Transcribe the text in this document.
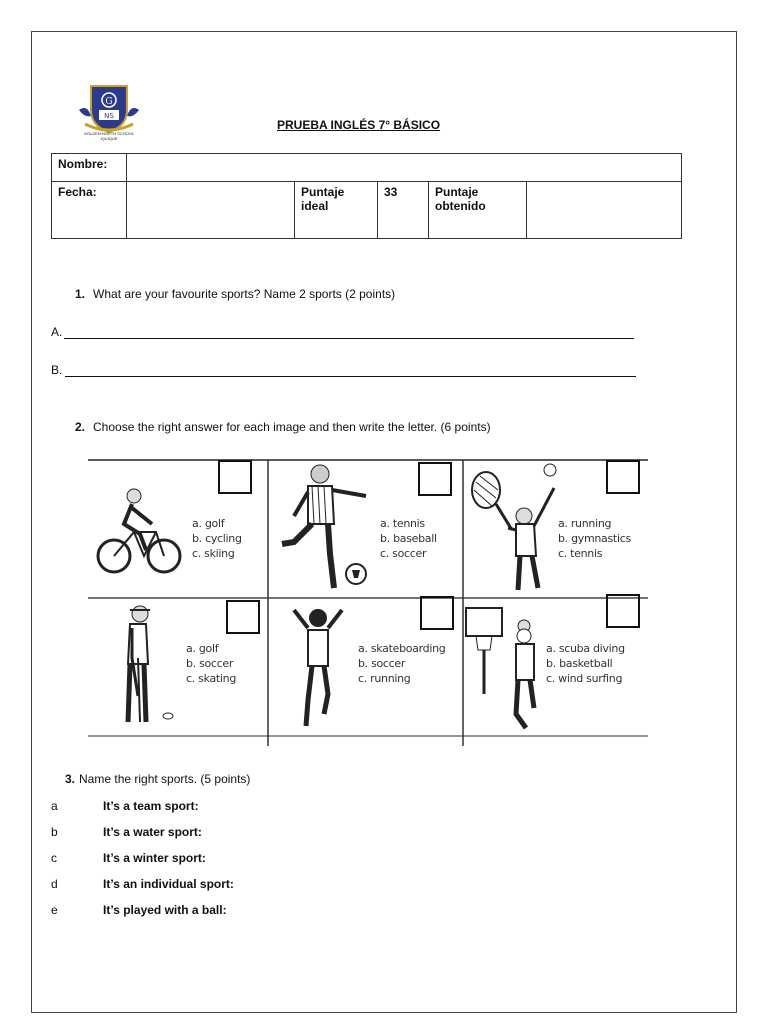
G
NS
GOLDEN NORTH SCHOOL
IQUIQUE
PRUEBA INGLÉS 7° BÁSICO
Nombre:					
Fecha:		Puntaje ideal	33	Puntaje obtenido	
1. What are your favourite sports? Name 2 sports (2 points)
A.
B.
2. Choose the right answer for each image and then write the letter. (6 points)
a. golf
b. cycling
c. skiing
a. tennis
b. baseball
c. soccer
a. running
b. gymnastics
c. tennis
a. golf
b. soccer
c. skating
a. skateboarding
b. soccer
c. running
a. scuba diving
b. basketball
c. wind surfing
3. Name the right sports. (5 points)
a	It’s a team sport:
b	It’s a water sport:
c	It’s a winter sport:
d	It’s an individual sport:
e	It’s played with a ball:
